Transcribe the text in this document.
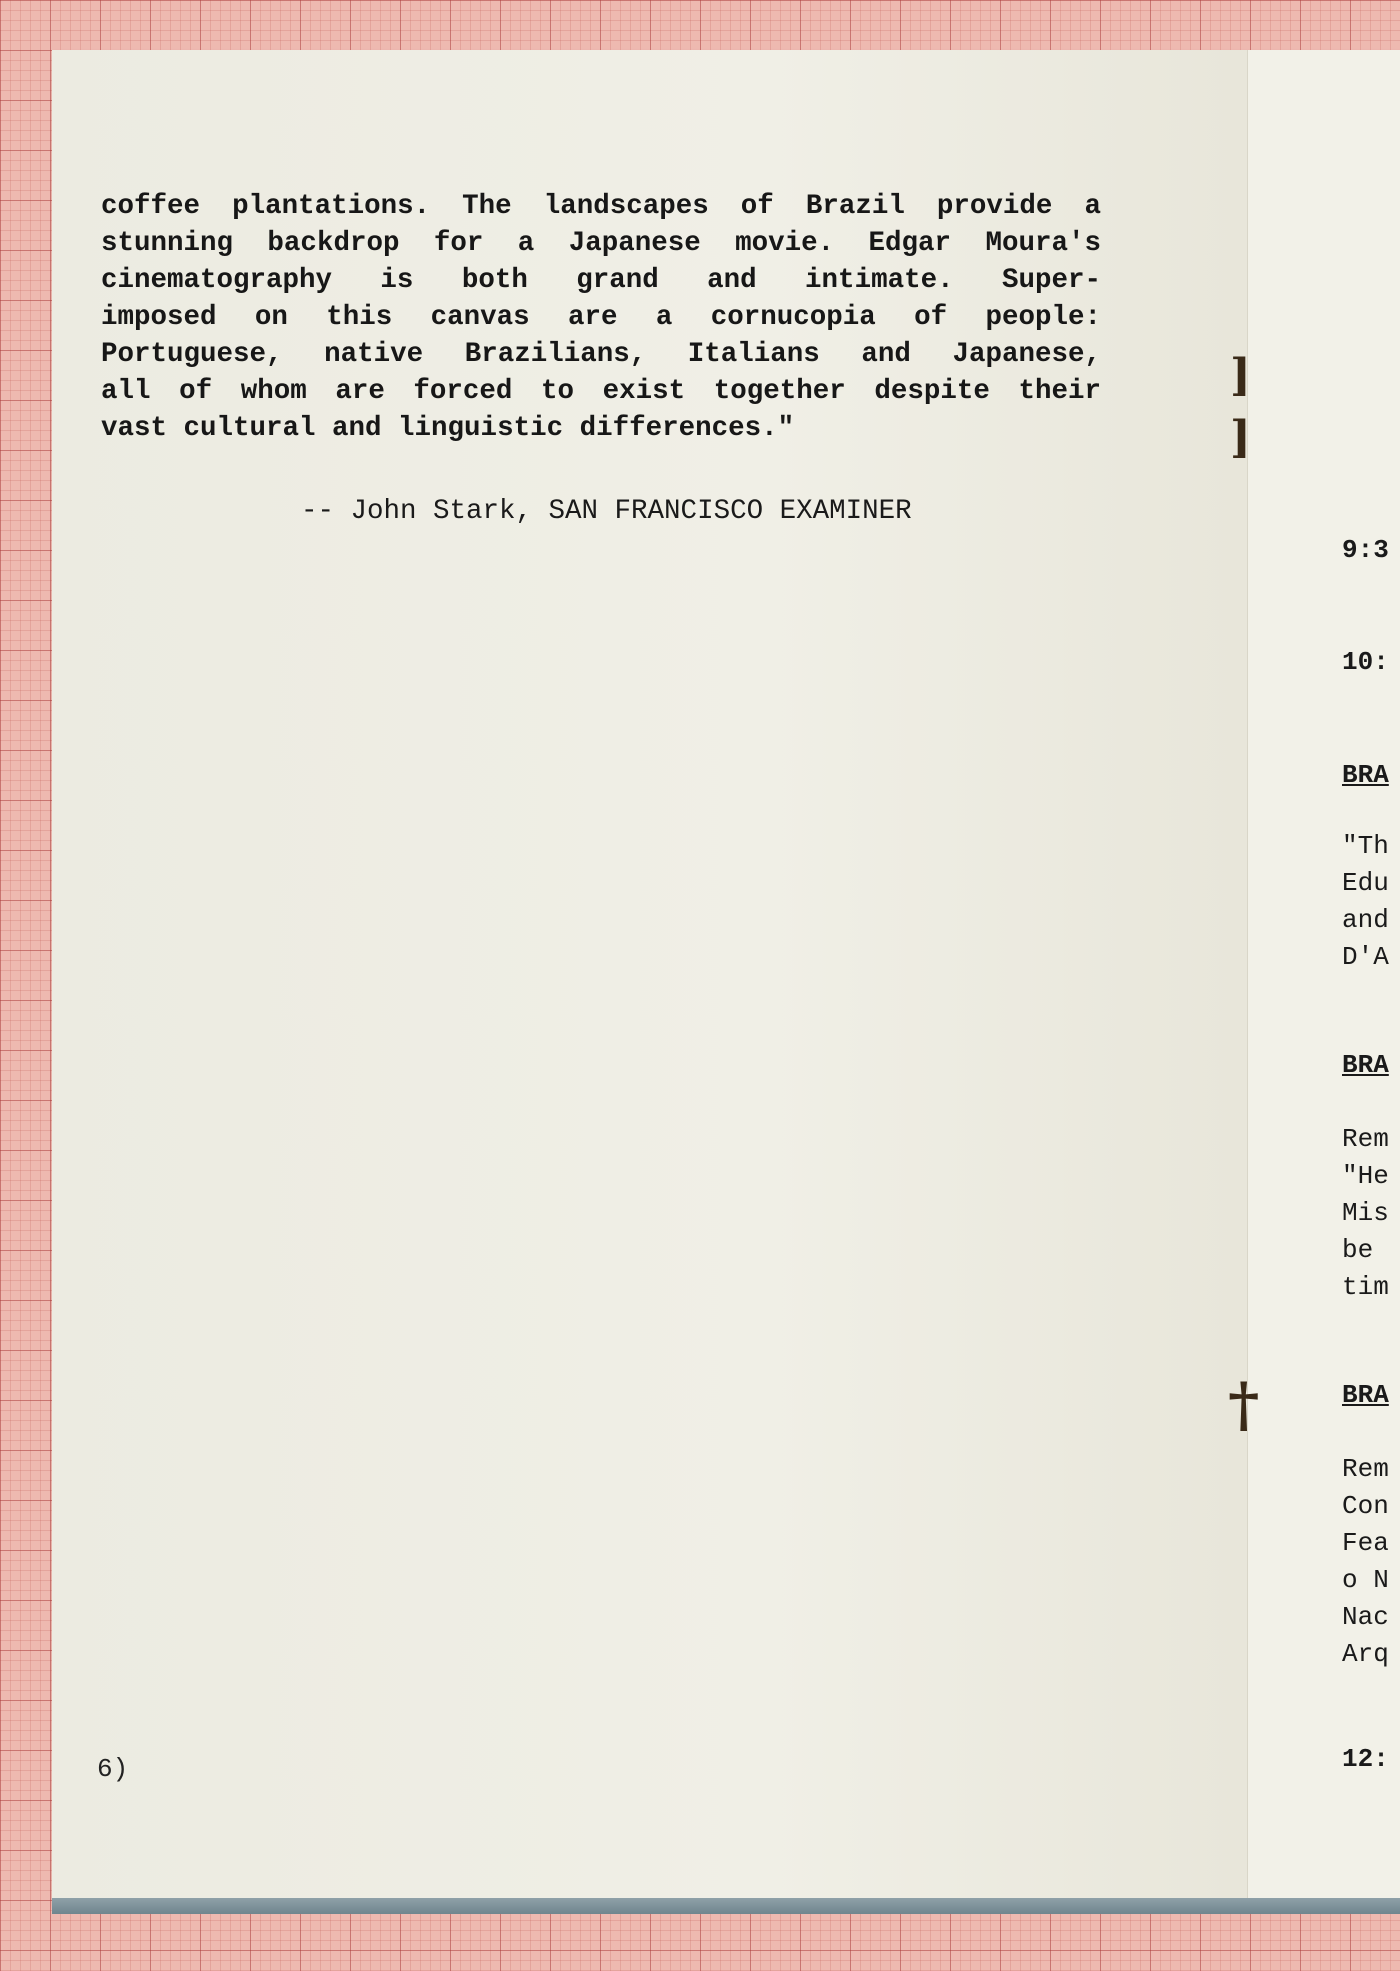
coffee plantations. The landscapes of Brazil provide a
stunning backdrop for a Japanese movie. Edgar Moura's
cinematography is both grand and intimate. Super-
imposed on this canvas are a cornucopia of people:
Portuguese, native Brazilians, Italians and Japanese,
all of whom are forced to exist together despite their
vast cultural and linguistic differences."
-- John Stark, SAN FRANCISCO EXAMINER
6)
]
]
†
9:3
10:
BRA
"Th
Edu
and
D'A
BRA
Rem
"He
Mis
be
tim
BRA
Rem
Con
Fea
o N
Nac
Arq
12:
